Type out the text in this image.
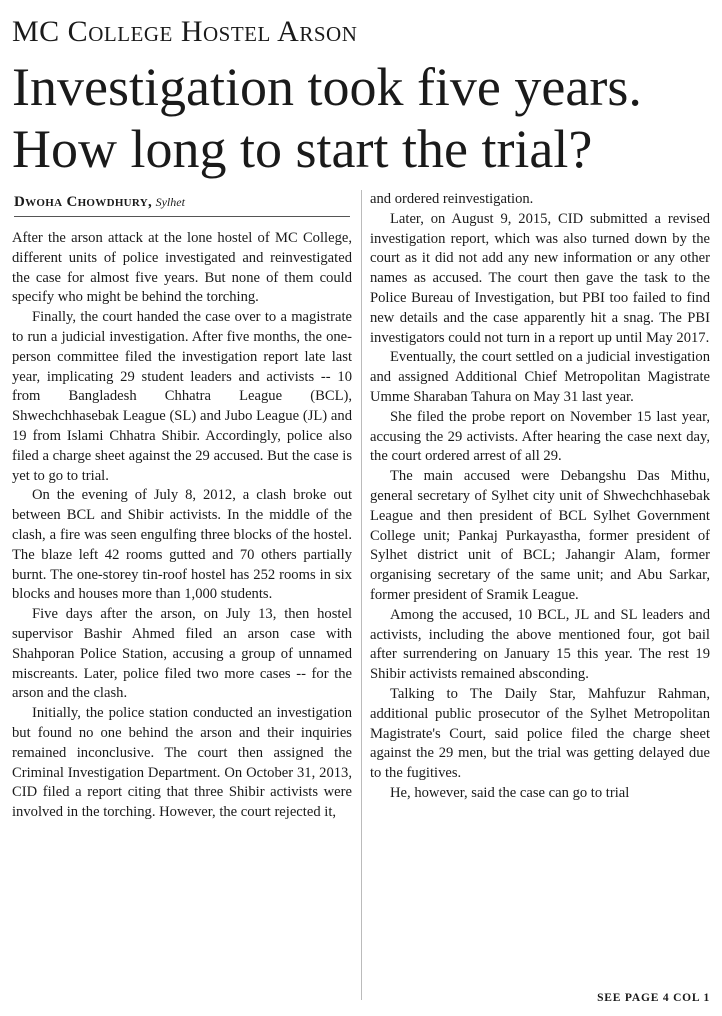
MC College Hostel Arson
Investigation took five years.
How long to start the trial?
Dwoha Chowdhury, Sylhet

After the arson attack at the lone hostel of MC College, different units of police investigated and reinvestigated the case for almost five years. But none of them could specify who might be behind the torching.

Finally, the court handed the case over to a magistrate to run a judicial investigation. After five months, the one-person committee filed the investigation report late last year, implicating 29 student leaders and activists -- 10 from Bangladesh Chhatra League (BCL), Shwechchhasebak League (SL) and Jubo League (JL) and 19 from Islami Chhatra Shibir. Accordingly, police also filed a charge sheet against the 29 accused. But the case is yet to go to trial.

On the evening of July 8, 2012, a clash broke out between BCL and Shibir activists. In the middle of the clash, a fire was seen engulfing three blocks of the hostel. The blaze left 42 rooms gutted and 70 others partially burnt. The one-storey tin-roof hostel has 252 rooms in six blocks and houses more than 1,000 students.

Five days after the arson, on July 13, then hostel supervisor Bashir Ahmed filed an arson case with Shahporan Police Station, accusing a group of unnamed miscreants. Later, police filed two more cases -- for the arson and the clash.

Initially, the police station conducted an investigation but found no one behind the arson and their inquiries remained inconclusive. The court then assigned the Criminal Investigation Department. On October 31, 2013, CID filed a report citing that three Shibir activists were involved in the torching. However, the court rejected it,

and ordered reinvestigation.

Later, on August 9, 2015, CID submitted a revised investigation report, which was also turned down by the court as it did not add any new information or any other names as accused. The court then gave the task to the Police Bureau of Investigation, but PBI too failed to find new details and the case apparently hit a snag. The PBI investigators could not turn in a report up until May 2017.

Eventually, the court settled on a judicial investigation and assigned Additional Chief Metropolitan Magistrate Umme Sharaban Tahura on May 31 last year.

She filed the probe report on November 15 last year, accusing the 29 activists. After hearing the case next day, the court ordered arrest of all 29.

The main accused were Debangshu Das Mithu, general secretary of Sylhet city unit of Shwechchhasebak League and then president of BCL Sylhet Government College unit; Pankaj Purkayastha, former president of Sylhet district unit of BCL; Jahangir Alam, former organising secretary of the same unit; and Abu Sarkar, former president of Sramik League.

Among the accused, 10 BCL, JL and SL leaders and activists, including the above mentioned four, got bail after surrendering on January 15 this year. The rest 19 Shibir activists remained absconding.

Talking to The Daily Star, Mahfuzur Rahman, additional public prosecutor of the Sylhet Metropolitan Magistrate's Court, said police filed the charge sheet against the 29 men, but the trial was getting delayed due to the fugitives.

He, however, said the case can go to trial

SEE PAGE 4 COL 1
